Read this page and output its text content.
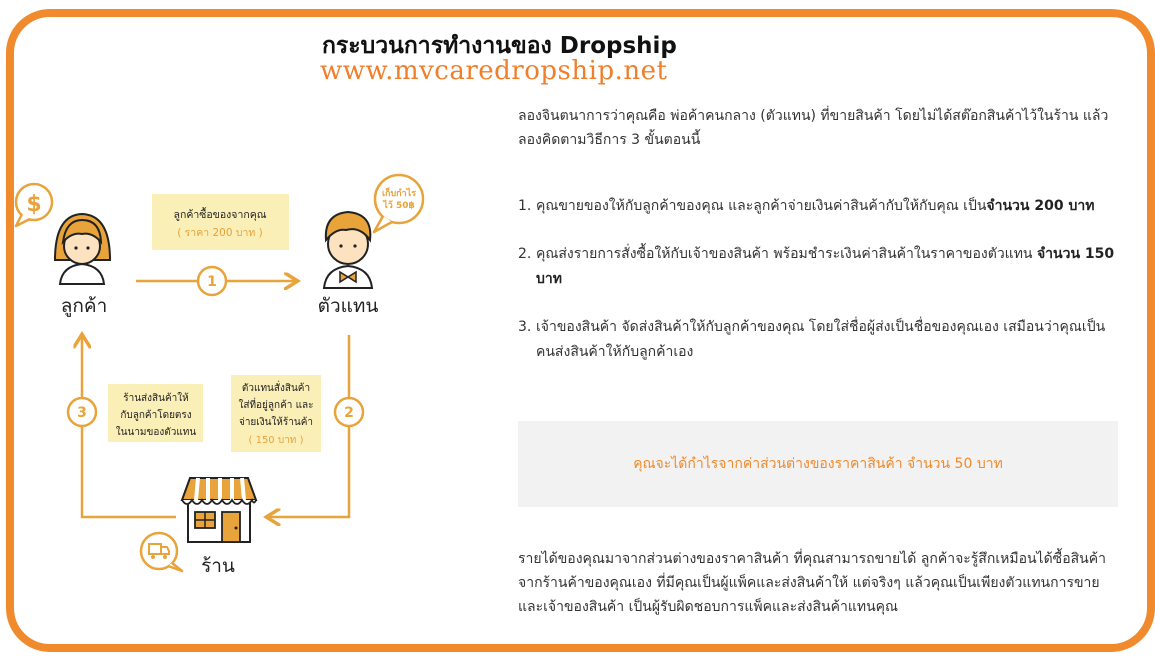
กระบวนการทำงานของ Dropship
www.mvcaredropship.net
$
ลูกค้า
เก็บกำไร
ไว้ 50฿
ตัวแทน
ลูกค้าซื้อของจากคุณ
( ราคา 200 บาท )
1
2
ตัวแทนสั่งสินค้า
ใส่ที่อยู่ลูกค้า และ
จ่ายเงินให้ร้านค้า
( 150 บาท )
3
ร้านส่งสินค้าให้
กับลูกค้าโดยตรง
ในนามของตัวแทน
ร้าน
ลองจินตนาการว่าคุณคือ พ่อค้าคนกลาง (ตัวแทน) ที่ขายสินค้า โดยไม่ได้สต๊อกสินค้าไว้ในร้าน แล้วลองคิดตามวิธีการ 3 ขั้นตอนนี้
1. คุณขายของให้กับลูกค้าของคุณ และลูกค้าจ่ายเงินค่าสินค้ากับให้กับคุณ เป็นจำนวน 200 บาท
2. คุณส่งรายการสั่งซื้อให้กับเจ้าของสินค้า พร้อมชำระเงินค่าสินค้าในราคาของตัวแทน จำนวน 150 บาท
3. เจ้าของสินค้า จัดส่งสินค้าให้กับลูกค้าของคุณ โดยใส่ชื่อผู้ส่งเป็นชื่อของคุณเอง เสมือนว่าคุณเป็นคนส่งสินค้าให้กับลูกค้าเอง
คุณจะได้กำไรจากค่าส่วนต่างของราคาสินค้า จำนวน 50 บาท
รายได้ของคุณมาจากส่วนต่างของราคาสินค้า ที่คุณสามารถขายได้ ลูกค้าจะรู้สึกเหมือนได้ซื้อสินค้าจากร้านค้าของคุณเอง ที่มีคุณเป็นผู้แพ็คและส่งสินค้าให้ แต่จริงๆ แล้วคุณเป็นเพียงตัวแทนการขาย และเจ้าของสินค้า เป็นผู้รับผิดชอบการแพ็คและส่งสินค้าแทนคุณ
